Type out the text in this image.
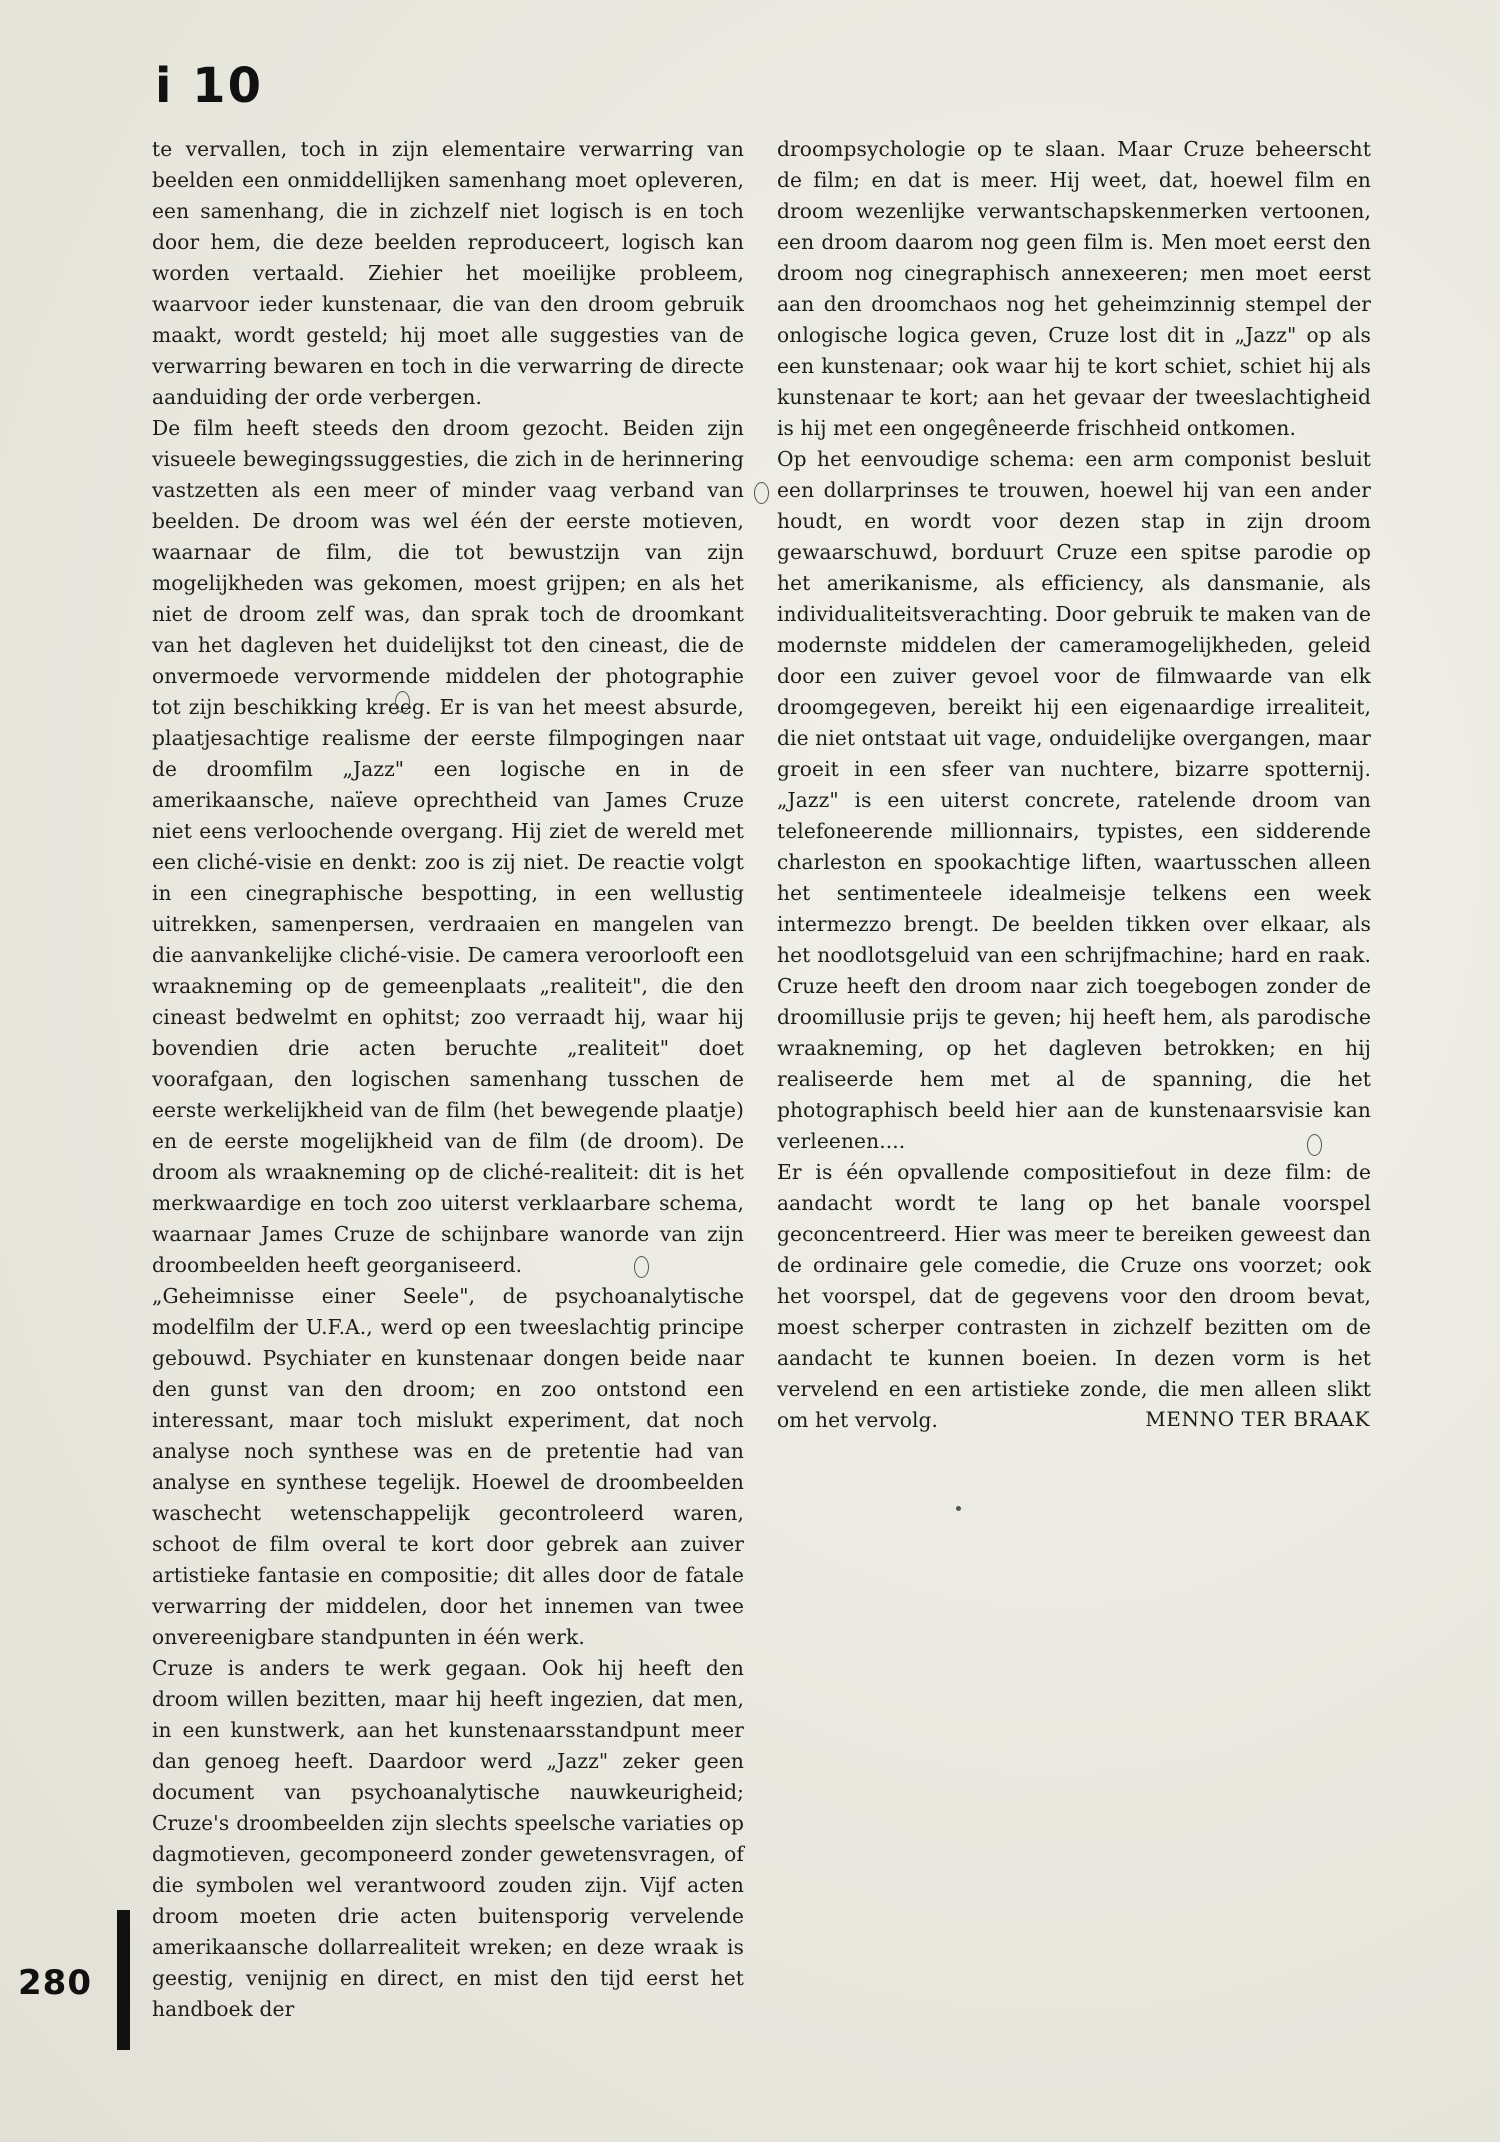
i 10

te vervallen, toch in zijn elementaire verwarring van beelden een onmiddellijken samenhang moet opleveren, een samenhang, die in zichzelf niet logisch is en toch door hem, die deze beelden reproduceert, logisch kan worden vertaald. Ziehier het moeilijke probleem, waarvoor ieder kunstenaar, die van den droom gebruik maakt, wordt gesteld; hij moet alle suggesties van de verwarring bewaren en toch in die verwarring de directe aanduiding der orde verbergen.

De film heeft steeds den droom gezocht. Beiden zijn visueele bewegingssuggesties, die zich in de herinnering vastzetten als een meer of minder vaag verband van beelden. De droom was wel één der eerste motieven, waarnaar de film, die tot bewustzijn van zijn mogelijkheden was gekomen, moest grijpen; en als het niet de droom zelf was, dan sprak toch de droomkant van het dagleven het duidelijkst tot den cineast, die de onvermoede vervormende middelen der photographie tot zijn beschikking kreeg. Er is van het meest absurde, plaatjesachtige realisme der eerste filmpogingen naar de droomfilm „Jazz" een logische en in de amerikaansche, naïeve oprechtheid van James Cruze niet eens verloochende overgang. Hij ziet de wereld met een cliché-visie en denkt: zoo is zij niet. De reactie volgt in een cinegraphische bespotting, in een wellustig uitrekken, samenpersen, verdraaien en mangelen van die aanvankelijke cliché-visie. De camera veroorlooft een wraakneming op de gemeenplaats „realiteit", die den cineast bedwelmt en ophitst; zoo verraadt hij, waar hij bovendien drie acten beruchte „realiteit" doet voorafgaan, den logischen samenhang tusschen de eerste werkelijkheid van de film (het bewegende plaatje) en de eerste mogelijkheid van de film (de droom). De droom als wraakneming op de cliché-realiteit: dit is het merkwaardige en toch zoo uiterst verklaarbare schema, waarnaar James Cruze de schijnbare wanorde van zijn droombeelden heeft georganiseerd.

„Geheimnisse einer Seele", de psychoanalytische modelfilm der U.F.A., werd op een tweeslachtig principe gebouwd. Psychiater en kunstenaar dongen beide naar den gunst van den droom; en zoo ontstond een interessant, maar toch mislukt experiment, dat noch analyse noch synthese was en de pretentie had van analyse en synthese tegelijk. Hoewel de droombeelden waschecht wetenschappelijk gecontroleerd waren, schoot de film overal te kort door gebrek aan zuiver artistieke fantasie en compositie; dit alles door de fatale verwarring der middelen, door het innemen van twee onvereenigbare standpunten in één werk.

Cruze is anders te werk gegaan. Ook hij heeft den droom willen bezitten, maar hij heeft ingezien, dat men, in een kunstwerk, aan het kunstenaarsstandpunt meer dan genoeg heeft. Daardoor werd „Jazz" zeker geen document van psychoanalytische nauwkeurigheid; Cruze's droombeelden zijn slechts speelsche variaties op dagmotieven, gecomponeerd zonder gewetensvragen, of die symbolen wel verantwoord zouden zijn. Vijf acten droom moeten drie acten buitensporig vervelende amerikaansche dollarrealiteit wreken; en deze wraak is geestig, venijnig en direct, en mist den tijd eerst het handboek der

droompsychologie op te slaan. Maar Cruze beheerscht de film; en dat is meer. Hij weet, dat, hoewel film en droom wezenlijke verwantschapskenmerken vertoonen, een droom daarom nog geen film is. Men moet eerst den droom nog cinegraphisch annexeeren; men moet eerst aan den droomchaos nog het geheimzinnig stempel der onlogische logica geven, Cruze lost dit in „Jazz" op als een kunstenaar; ook waar hij te kort schiet, schiet hij als kunstenaar te kort; aan het gevaar der tweeslachtigheid is hij met een ongegêneerde frischheid ontkomen.

Op het eenvoudige schema: een arm componist besluit een dollarprinses te trouwen, hoewel hij van een ander houdt, en wordt voor dezen stap in zijn droom gewaarschuwd, borduurt Cruze een spitse parodie op het amerikanisme, als efficiency, als dansmanie, als individualiteitsverachting. Door gebruik te maken van de modernste middelen der cameramogelijkheden, geleid door een zuiver gevoel voor de filmwaarde van elk droomgegeven, bereikt hij een eigenaardige irrealiteit, die niet ontstaat uit vage, onduidelijke overgangen, maar groeit in een sfeer van nuchtere, bizarre spotternij. „Jazz" is een uiterst concrete, ratelende droom van telefoneerende millionnairs, typistes, een sidderende charleston en spookachtige liften, waartusschen alleen het sentimenteele idealmeisje telkens een week intermezzo brengt. De beelden tikken over elkaar, als het noodlotsgeluid van een schrijfmachine; hard en raak. Cruze heeft den droom naar zich toegebogen zonder de droomillusie prijs te geven; hij heeft hem, als parodische wraakneming, op het dagleven betrokken; en hij realiseerde hem met al de spanning, die het photographisch beeld hier aan de kunstenaarsvisie kan verleenen....

Er is één opvallende compositiefout in deze film: de aandacht wordt te lang op het banale voorspel geconcentreerd. Hier was meer te bereiken geweest dan de ordinaire gele comedie, die Cruze ons voorzet; ook het voorspel, dat de gegevens voor den droom bevat, moest scherper contrasten in zichzelf bezitten om de aandacht te kunnen boeien. In dezen vorm is het vervelend en een artistieke zonde, die men alleen slikt om het vervolg.	MENNO TER BRAAK
280
